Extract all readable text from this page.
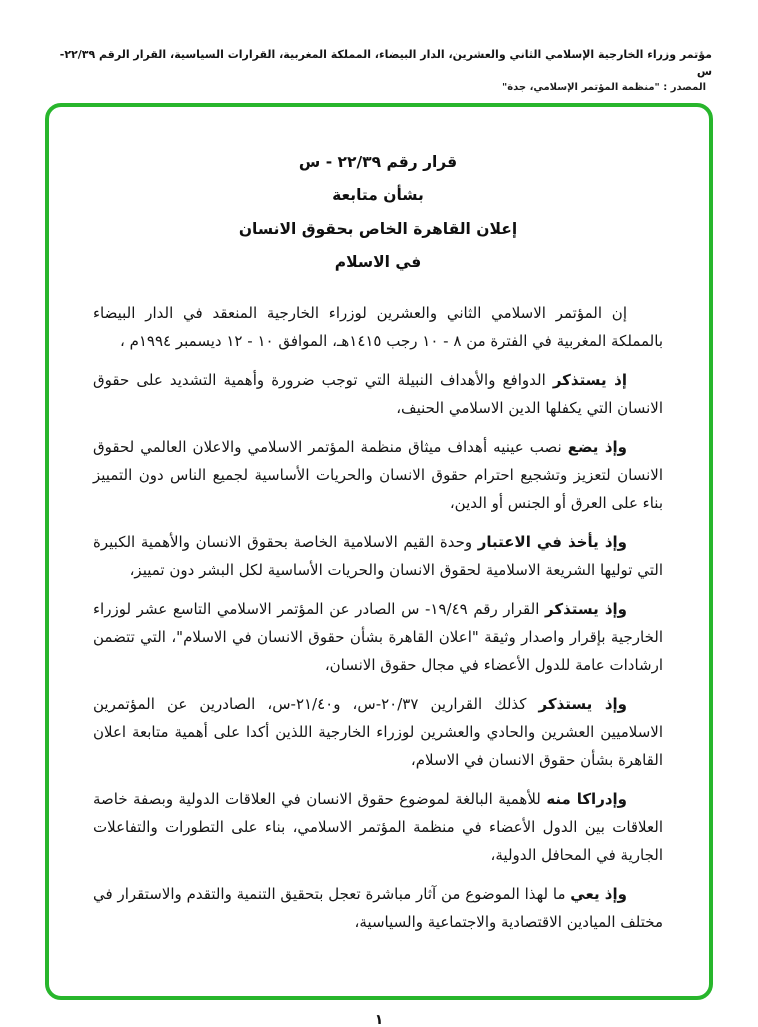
مؤتمر وزراء الخارجية الإسلامي الثاني والعشرين، الدار البيضاء، المملكة المغربية، القرارات السياسية، القرار الرقم ٢٢/٣٩-س
المصدر : "منظمة المؤتمر الإسلامي، جدة"
قرار رقم ٢٢/٣٩ - س
بشأن متابعة
إعلان القاهرة الخاص بحقوق الانسان
في الاسلام

إن المؤتمر الاسلامي الثاني والعشرين لوزراء الخارجية المنعقد في الدار البيضاء بالمملكة المغربية في الفترة من ٨ - ١٠ رجب ١٤١٥هـ، الموافق ١٠ - ١٢ ديسمبر ١٩٩٤م ،

إذ يستذكر الدوافع والأهداف النبيلة التي توجب ضرورة وأهمية التشديد على حقوق الانسان التي يكفلها الدين الاسلامي الحنيف،

وإذ يضع نصب عينيه أهداف ميثاق منظمة المؤتمر الاسلامي والاعلان العالمي لحقوق الانسان لتعزيز وتشجيع احترام حقوق الانسان والحريات الأساسية لجميع الناس دون التمييز بناء على العرق أو الجنس أو الدين،

وإذ يأخذ في الاعتبار وحدة القيم الاسلامية الخاصة بحقوق الانسان والأهمية الكبيرة التي توليها الشريعة الاسلامية لحقوق الانسان والحريات الأساسية لكل البشر دون تمييز،

وإذ يستذكر القرار رقم ١٩/٤٩- س الصادر عن المؤتمر الاسلامي التاسع عشر لوزراء الخارجية بإقرار واصدار وثيقة "اعلان القاهرة بشأن حقوق الانسان في الاسلام"، التي تتضمن ارشادات عامة للدول الأعضاء في مجال حقوق الانسان،

وإذ يستذكر كذلك القرارين ٢٠/٣٧-س، و٢١/٤٠-س، الصادرين عن المؤتمرين الاسلاميين العشرين والحادي والعشرين لوزراء الخارجية اللذين أكدا على أهمية متابعة اعلان القاهرة بشأن حقوق الانسان في الاسلام،

وإدراكا منه للأهمية البالغة لموضوع حقوق الانسان في العلاقات الدولية وبصفة خاصة العلاقات بين الدول الأعضاء في منظمة المؤتمر الاسلامي، بناء على التطورات والتفاعلات الجارية في المحافل الدولية،

وإذ يعي ما لهذا الموضوع من آثار مباشرة تعجل بتحقيق التنمية والتقدم والاستقرار في مختلف الميادين الاقتصادية والاجتماعية والسياسية،

١
